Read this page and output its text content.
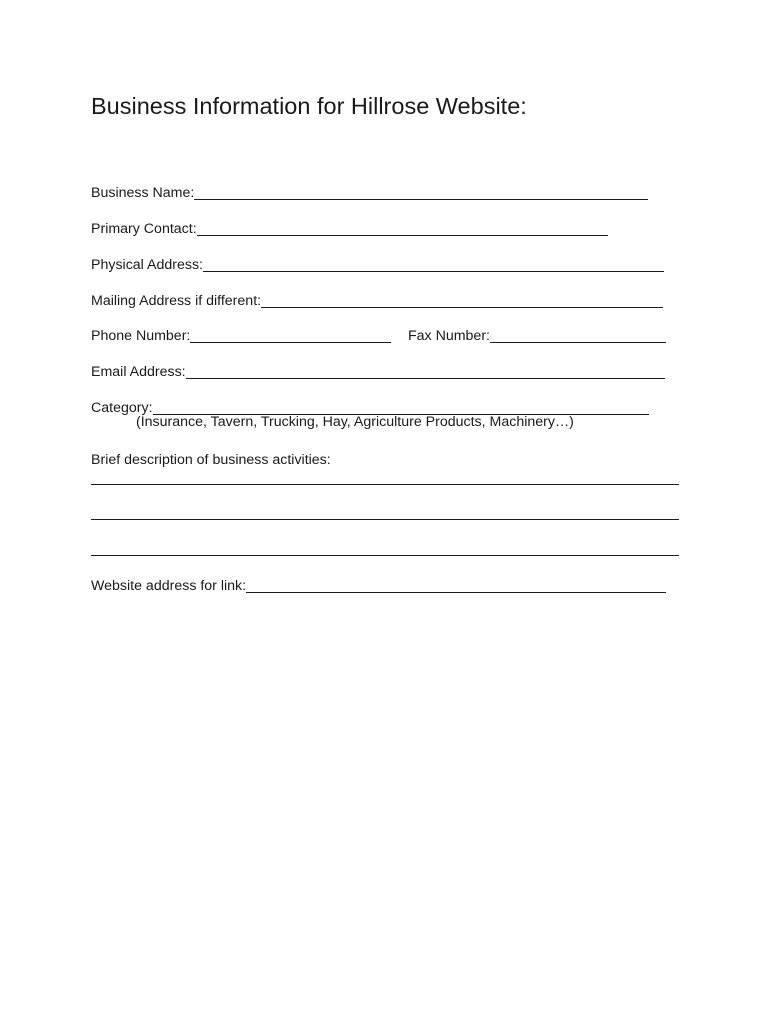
Business Information for Hillrose Website:
Business Name:
Primary Contact:
Physical Address:
Mailing Address if different:
Phone Number:	Fax Number:
Email Address:
Category:
(Insurance, Tavern, Trucking, Hay, Agriculture Products, Machinery…)
Brief description of business activities:
Website address for link:
